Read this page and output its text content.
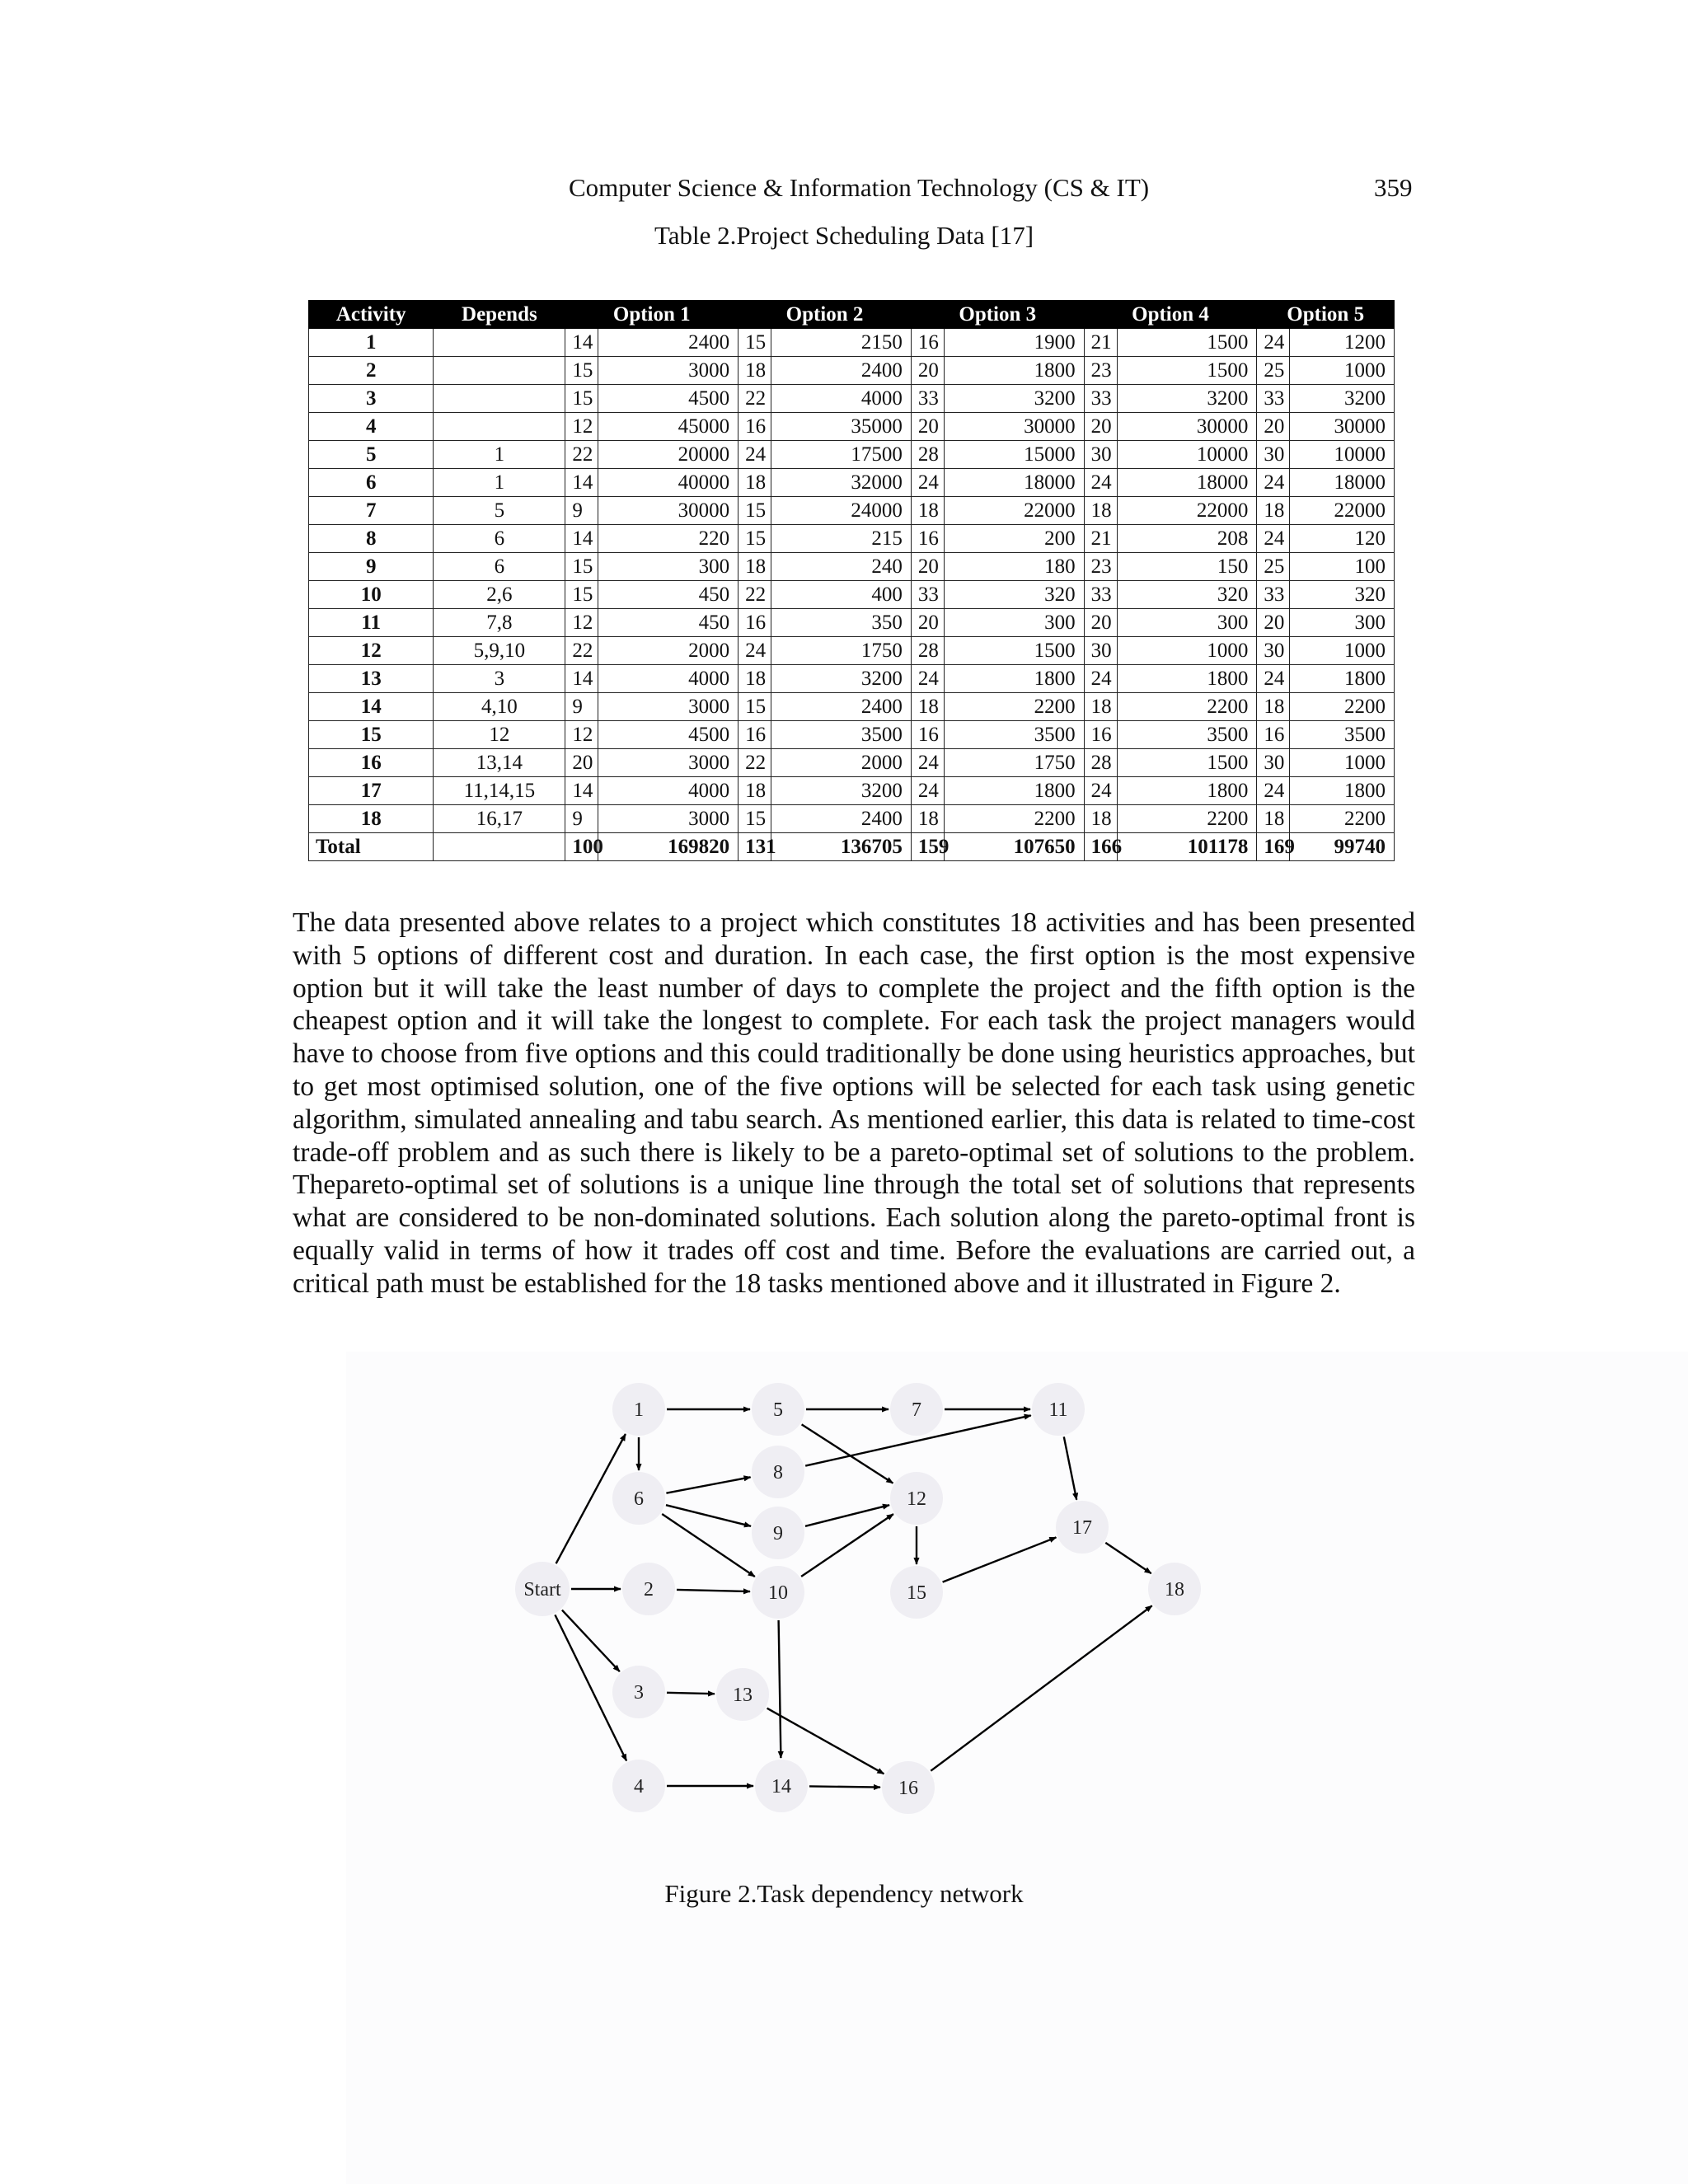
Computer Science & Information Technology (CS & IT)	359
Table 2.Project Scheduling Data [17]
Activity	Depends	Option 1		Option 2		Option 3		Option 4		Option 5	
1		14	2400	15	2150	16	1900	21	1500	24	1200
2		15	3000	18	2400	20	1800	23	1500	25	1000
3		15	4500	22	4000	33	3200	33	3200	33	3200
4		12	45000	16	35000	20	30000	20	30000	20	30000
5	1	22	20000	24	17500	28	15000	30	10000	30	10000
6	1	14	40000	18	32000	24	18000	24	18000	24	18000
7	5	9	30000	15	24000	18	22000	18	22000	18	22000
8	6	14	220	15	215	16	200	21	208	24	120
9	6	15	300	18	240	20	180	23	150	25	100
10	2,6	15	450	22	400	33	320	33	320	33	320
11	7,8	12	450	16	350	20	300	20	300	20	300
12	5,9,10	22	2000	24	1750	28	1500	30	1000	30	1000
13	3	14	4000	18	3200	24	1800	24	1800	24	1800
14	4,10	9	3000	15	2400	18	2200	18	2200	18	2200
15	12	12	4500	16	3500	16	3500	16	3500	16	3500
16	13,14	20	3000	22	2000	24	1750	28	1500	30	1000
17	11,14,15	14	4000	18	3200	24	1800	24	1800	24	1800
18	16,17	9	3000	15	2400	18	2200	18	2200	18	2200
Total		100	169820	131	136705	159	107650	166	101178	169	99740
The data presented above relates to a project which constitutes 18 activities and has been presented with 5 options of different cost and duration. In each case, the first option is the most expensive option but it will take the least number of days to complete the project and the fifth option is the cheapest option and it will take the longest to complete. For each task the project managers would have to choose from five options and this could traditionally be done using heuristics approaches, but to get most optimised solution, one of the five options will be selected for each task using genetic algorithm, simulated annealing and tabu search. As mentioned earlier, this data is related to time-cost trade-off problem and as such there is likely to be a pareto-optimal set of solutions to the problem. Thepareto-optimal set of solutions is a unique line through the total set of solutions that represents what are considered to be non-dominated solutions. Each solution along the pareto-optimal front is equally valid in terms of how it trades off cost and time. Before the evaluations are carried out, a critical path must be established for the 18 tasks mentioned above and it illustrated in Figure 2.
Start
1
2
3
4
5
6
7
8
9
10
11
12
13
14
15
16
17
18
Figure 2.Task dependency network
